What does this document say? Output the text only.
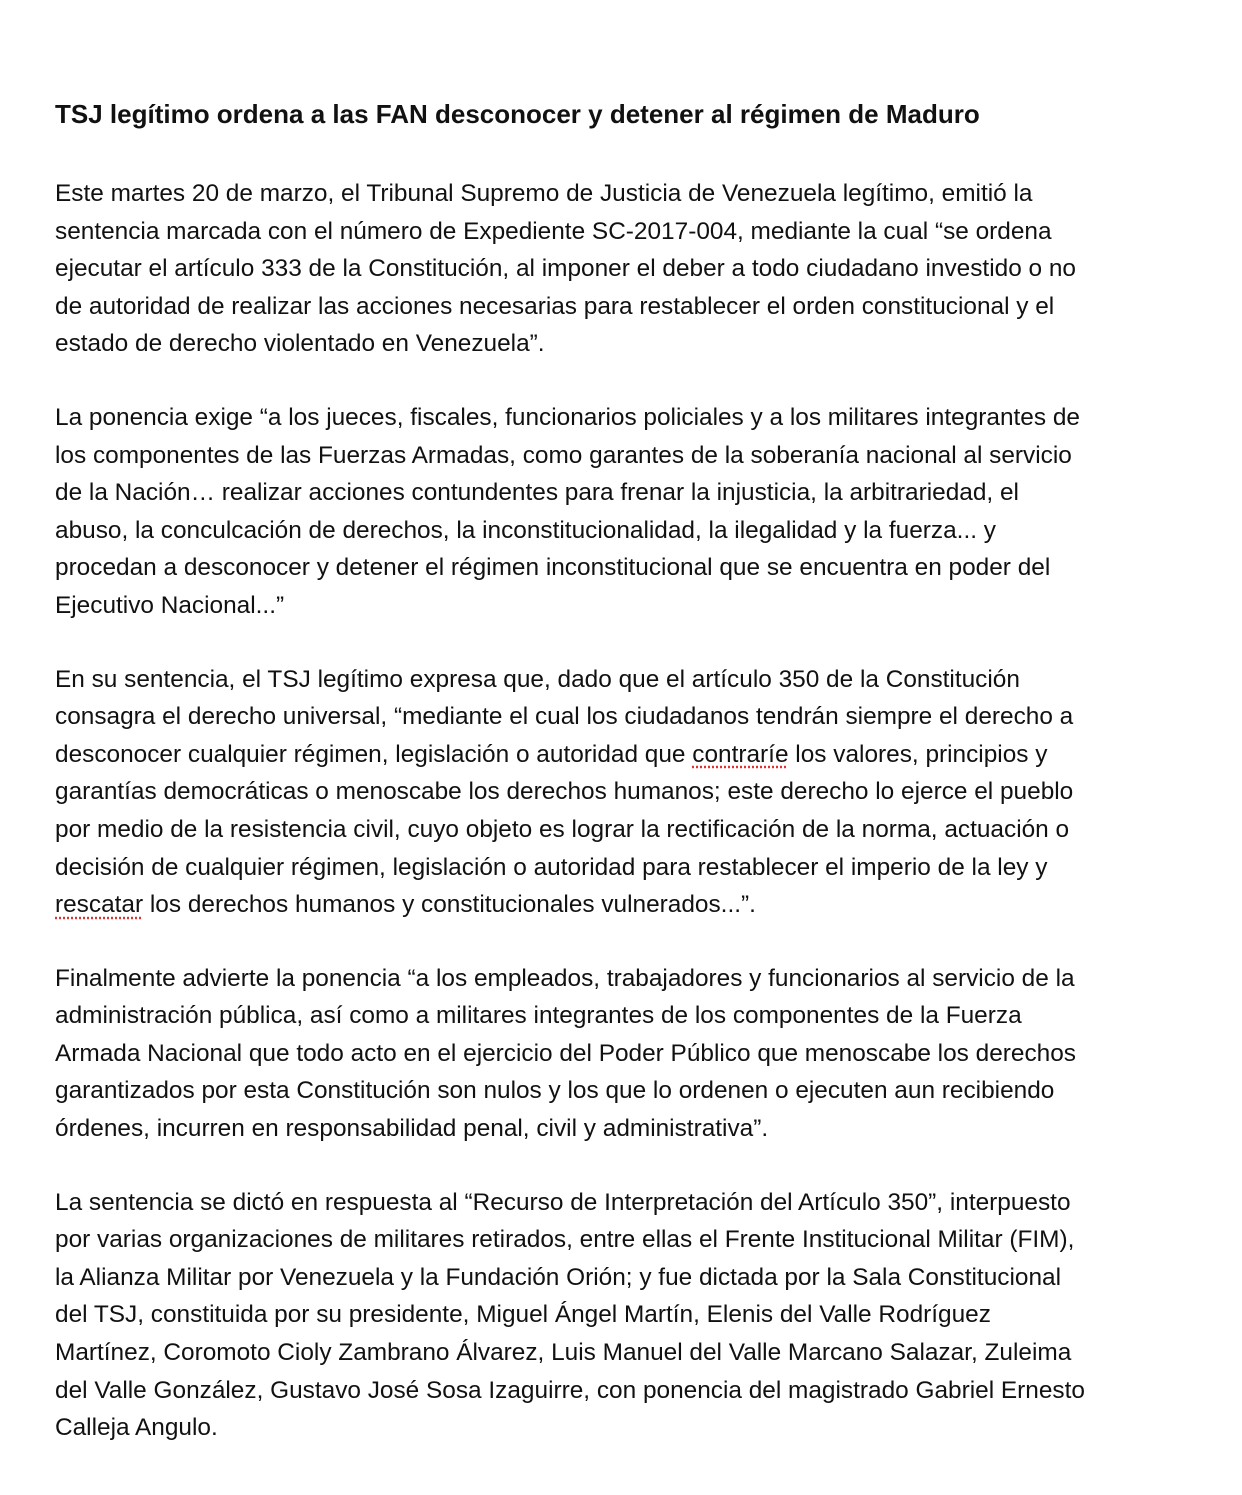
TSJ legítimo ordena a las FAN desconocer y detener al régimen de Maduro

Este martes 20 de marzo, el Tribunal Supremo de Justicia de Venezuela legítimo, emitió la
sentencia marcada con el número de Expediente SC-2017-004, mediante la cual “se ordena
ejecutar el artículo 333 de la Constitución, al imponer el deber a todo ciudadano investido o no
de autoridad de realizar las acciones necesarias para restablecer el orden constitucional y el
estado de derecho violentado en Venezuela”.

La ponencia exige “a los jueces, fiscales, funcionarios policiales y a los militares integrantes de
los componentes de las Fuerzas Armadas, como garantes de la soberanía nacional al servicio
de la Nación… realizar acciones contundentes para frenar la injusticia, la arbitrariedad, el
abuso, la conculcación de derechos, la inconstitucionalidad, la ilegalidad y la fuerza... y
procedan a desconocer y detener el régimen inconstitucional que se encuentra en poder del
Ejecutivo Nacional...”

En su sentencia, el TSJ legítimo expresa que, dado que el artículo 350 de la Constitución
consagra el derecho universal, “mediante el cual los ciudadanos tendrán siempre el derecho a
desconocer cualquier régimen, legislación o autoridad que contraríe los valores, principios y
garantías democráticas o menoscabe los derechos humanos; este derecho lo ejerce el pueblo
por medio de la resistencia civil, cuyo objeto es lograr la rectificación de la norma, actuación o
decisión de cualquier régimen, legislación o autoridad para restablecer el imperio de la ley y
rescatar los derechos humanos y constitucionales vulnerados...”.

Finalmente advierte la ponencia “a los empleados, trabajadores y funcionarios al servicio de la
administración pública, así como a militares integrantes de los componentes de la Fuerza
Armada Nacional que todo acto en el ejercicio del Poder Público que menoscabe los derechos
garantizados por esta Constitución son nulos y los que lo ordenen o ejecuten aun recibiendo
órdenes, incurren en responsabilidad penal, civil y administrativa”.

La sentencia se dictó en respuesta al “Recurso de Interpretación del Artículo 350”, interpuesto
por varias organizaciones de militares retirados, entre ellas el Frente Institucional Militar (FIM),
la Alianza Militar por Venezuela y la Fundación Orión; y fue dictada por la Sala Constitucional
del TSJ, constituida por su presidente, Miguel Ángel Martín, Elenis del Valle Rodríguez
Martínez, Coromoto Cioly Zambrano Álvarez, Luis Manuel del Valle Marcano Salazar, Zuleima
del Valle González, Gustavo José Sosa Izaguirre, con ponencia del magistrado Gabriel Ernesto
Calleja Angulo.
